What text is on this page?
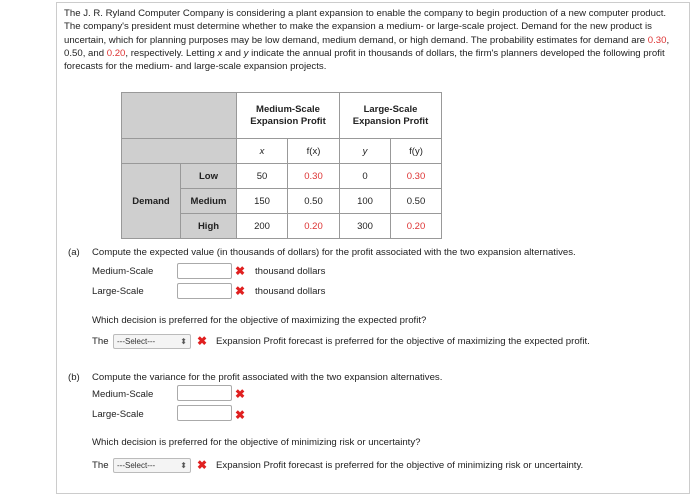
The J. R. Ryland Computer Company is considering a plant expansion to enable the company to begin production of a new computer product. The company's president must determine whether to make the expansion a medium- or large-scale project. Demand for the new product is uncertain, which for planning purposes may be low demand, medium demand, or high demand. The probability estimates for demand are 0.30, 0.50, and 0.20, respectively. Letting x and y indicate the annual profit in thousands of dollars, the firm's planners developed the following profit forecasts for the medium- and large-scale expansion projects.
		Medium-Scale Expansion Profit		Large-Scale Expansion Profit	
		x	f(x)	y	f(y)
Demand	Low	50	0.30	0	0.30
	Medium	150	0.50	100	0.50
	High	200	0.20	300	0.20
(a) Compute the expected value (in thousands of dollars) for the profit associated with the two expansion alternatives.
Medium-Scale	✖ thousand dollars
Large-Scale	✖ thousand dollars
Which decision is preferred for the objective of maximizing the expected profit?
The	---Select---	⬍ ✖ Expansion Profit forecast is preferred for the objective of maximizing the expected profit.
(b) Compute the variance for the profit associated with the two expansion alternatives.
Medium-Scale	✖
Large-Scale	✖
Which decision is preferred for the objective of minimizing risk or uncertainty?
The	---Select---	⬍ ✖ Expansion Profit forecast is preferred for the objective of minimizing risk or uncertainty.
